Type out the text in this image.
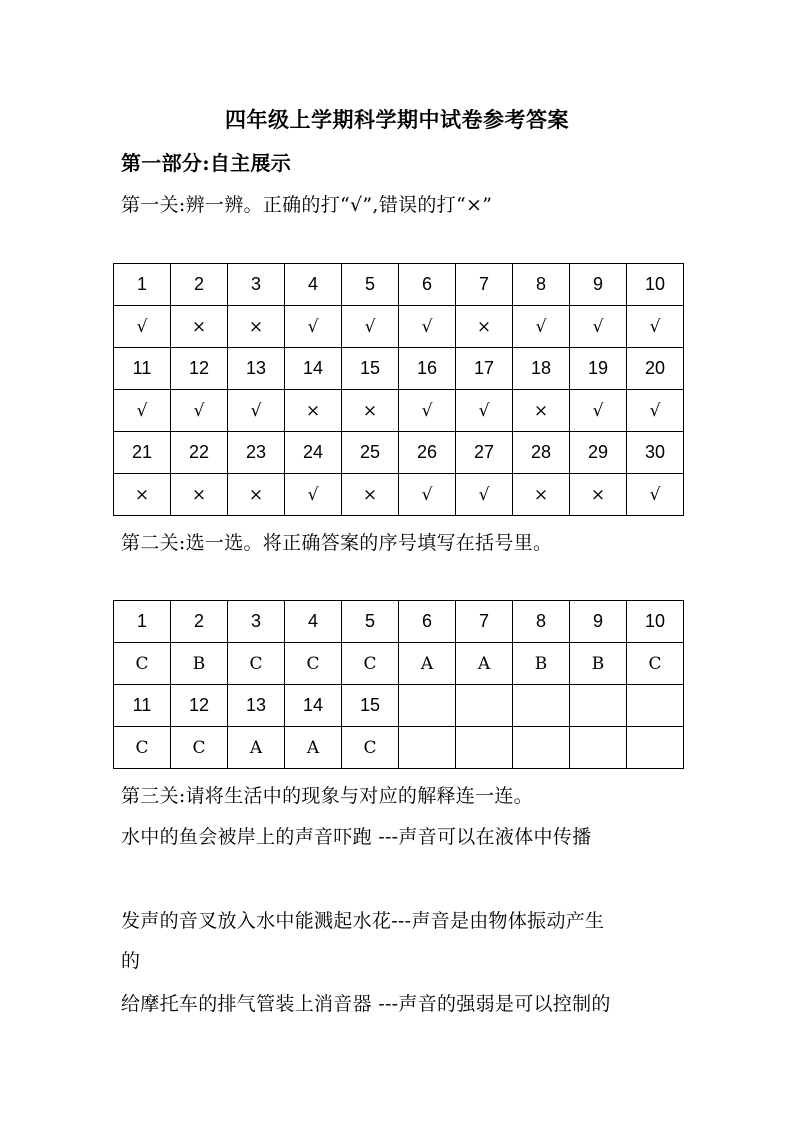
四年级上学期科学期中试卷参考答案
第一部分:自主展示
第一关:辨一辨。正确的打“√”,错误的打“×”
1	2	3	4	5	6	7	8	9	10
√	×	×	√	√	√	×	√	√	√
11	12	13	14	15	16	17	18	19	20
√	√	√	×	×	√	√	×	√	√
21	22	23	24	25	26	27	28	29	30
×	×	×	√	×	√	√	×	×	√
第二关:选一选。将正确答案的序号填写在括号里。
1	2	3	4	5	6	7	8	9	10
C	B	C	C	C	A	A	B	B	C
11	12	13	14	15					
C	C	A	A	C					
第三关:请将生活中的现象与对应的解释连一连。
水中的鱼会被岸上的声音吓跑 ---声音可以在液体中传播
发声的音叉放入水中能溅起水花---声音是由物体振动产生
的
给摩托车的排气管装上消音器 ---声音的强弱是可以控制的
